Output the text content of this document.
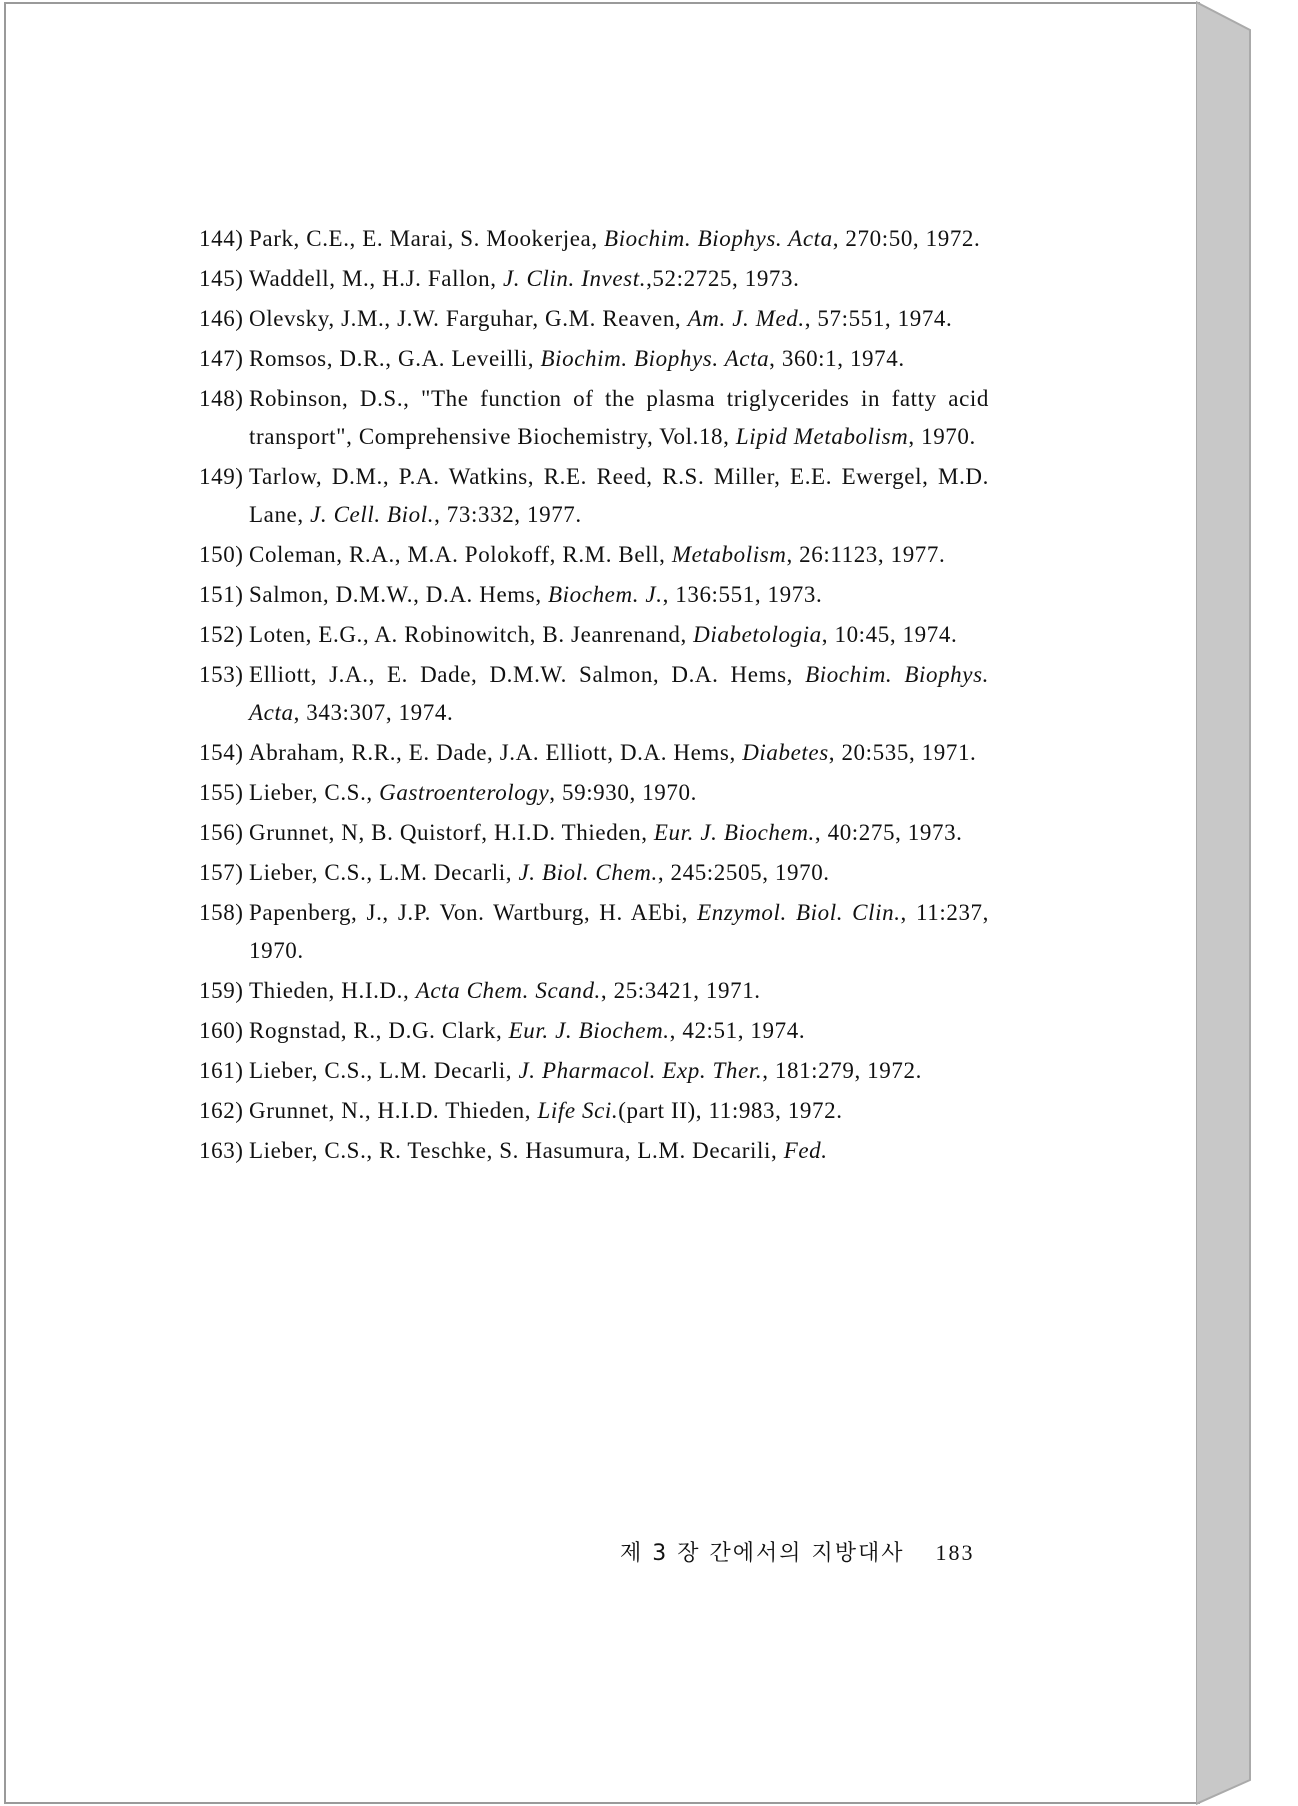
144) Park, C.E., E. Marai, S. Mookerjea, Biochim. Biophys. Acta, 270:50, 1972.
145) Waddell, M., H.J. Fallon, J. Clin. Invest.,52:2725, 1973.
146) Olevsky, J.M., J.W. Farguhar, G.M. Reaven, Am. J. Med., 57:551, 1974.
147) Romsos, D.R., G.A. Leveilli, Biochim. Biophys. Acta, 360:1, 1974.
148) Robinson, D.S., "The function of the plasma triglycerides in fatty acid transport", Comprehensive Biochemistry, Vol.18, Lipid Metabolism, 1970.
149) Tarlow, D.M., P.A. Watkins, R.E. Reed, R.S. Miller, E.E. Ewergel, M.D. Lane, J. Cell. Biol., 73:332, 1977.
150) Coleman, R.A., M.A. Polokoff, R.M. Bell, Metabolism, 26:1123, 1977.
151) Salmon, D.M.W., D.A. Hems, Biochem. J., 136:551, 1973.
152) Loten, E.G., A. Robinowitch, B. Jeanrenand, Diabetologia, 10:45, 1974.
153) Elliott, J.A., E. Dade, D.M.W. Salmon, D.A. Hems, Biochim. Biophys. Acta, 343:307, 1974.
154) Abraham, R.R., E. Dade, J.A. Elliott, D.A. Hems, Diabetes, 20:535, 1971.
155) Lieber, C.S., Gastroenterology, 59:930, 1970.
156) Grunnet, N, B. Quistorf, H.I.D. Thieden, Eur. J. Biochem., 40:275, 1973.
157) Lieber, C.S., L.M. Decarli, J. Biol. Chem., 245:2505, 1970.
158) Papenberg, J., J.P. Von. Wartburg, H. AEbi, Enzymol. Biol. Clin., 11:237, 1970.
159) Thieden, H.I.D., Acta Chem. Scand., 25:3421, 1971.
160) Rognstad, R., D.G. Clark, Eur. J. Biochem., 42:51, 1974.
161) Lieber, C.S., L.M. Decarli, J. Pharmacol. Exp. Ther., 181:279, 1972.
162) Grunnet, N., H.I.D. Thieden, Life Sci.(part II), 11:983, 1972.
163) Lieber, C.S., R. Teschke, S. Hasumura, L.M. Decarili, Fed.
제 3 장 간에서의 지방대사 183
